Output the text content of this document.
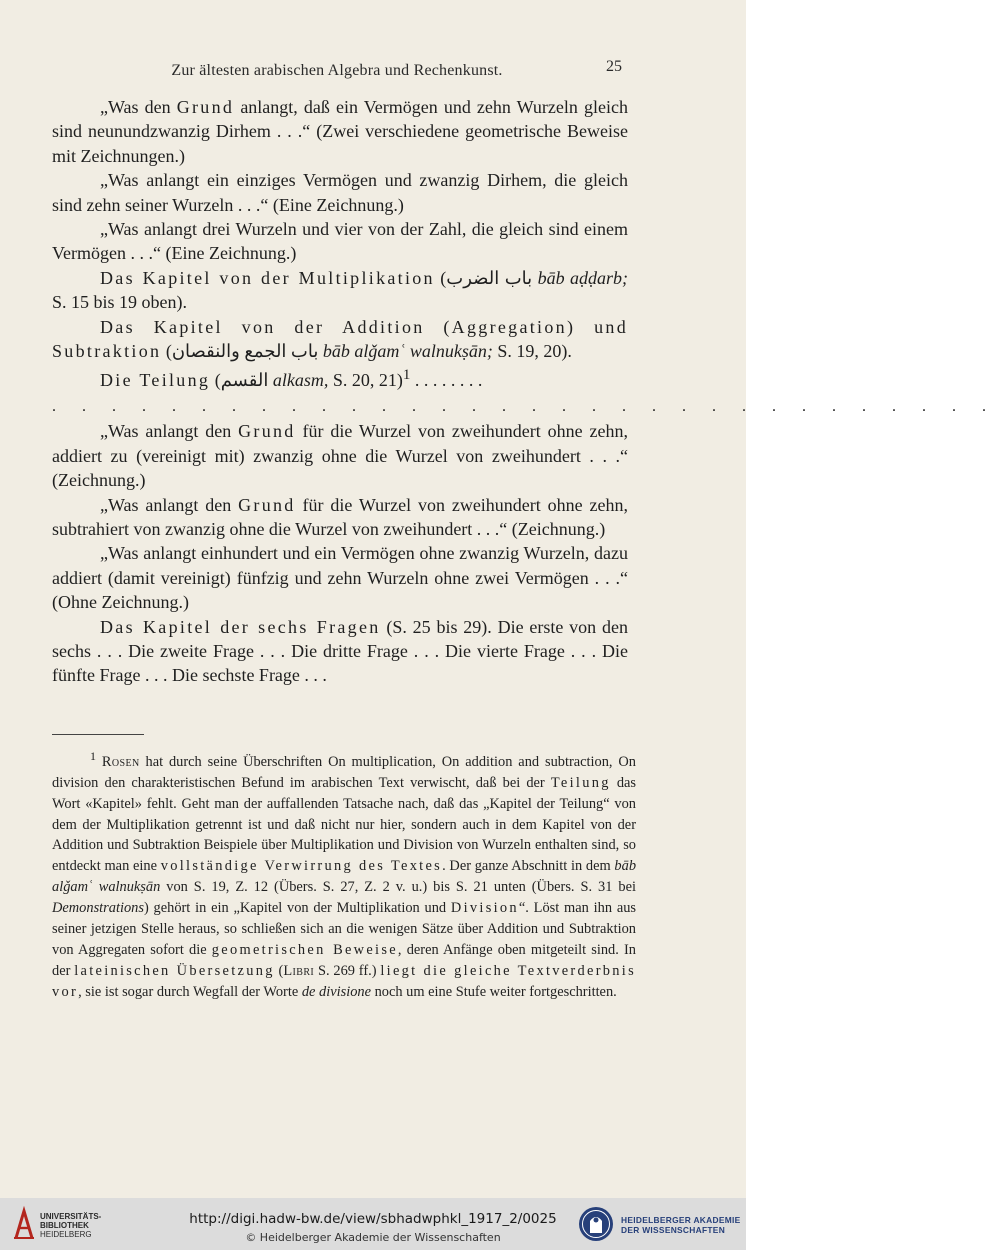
Zur ältesten arabischen Algebra und Rechenkunst.	25

„Was den Grund anlangt, daß ein Vermögen und zehn Wurzeln gleich sind neunundzwanzig Dirhem . . .“ (Zwei verschiedene geometrische Beweise mit Zeichnungen.)

„Was anlangt ein einziges Vermögen und zwanzig Dirhem, die gleich sind zehn seiner Wurzeln . . .“ (Eine Zeichnung.)

„Was anlangt drei Wurzeln und vier von der Zahl, die gleich sind einem Vermögen . . .“ (Eine Zeichnung.)

Das Kapitel von der Multiplikation (باب الضرب bāb aḍḍarb; S. 15 bis 19 oben).

Das Kapitel von der Addition (Aggregation) und Subtraktion (باب الجمع والنقصان bāb alǧamʿ walnukṣān; S. 19, 20).

Die Teilung (القسم alkasm, S. 20, 21)$^1$ . . . . . . . .

. . . . . . . . . . . . . . . . . . . . . . . . . . . . . . . .

„Was anlangt den Grund für die Wurzel von zweihundert ohne zehn, addiert zu (vereinigt mit) zwanzig ohne die Wurzel von zweihundert . . .“ (Zeichnung.)

„Was anlangt den Grund für die Wurzel von zweihundert ohne zehn, subtrahiert von zwanzig ohne die Wurzel von zweihundert . . .“ (Zeichnung.)

„Was anlangt einhundert und ein Vermögen ohne zwanzig Wurzeln, dazu addiert (damit vereinigt) fünfzig und zehn Wurzeln ohne zwei Vermögen . . .“ (Ohne Zeichnung.)

Das Kapitel der sechs Fragen (S. 25 bis 29). Die erste von den sechs . . . Die zweite Frage . . . Die dritte Frage . . . Die vierte Frage . . . Die fünfte Frage . . . Die sechste Frage . . .

$^1$ Rosen hat durch seine Überschriften On multiplication, On addition and subtraction, On division den charakteristischen Befund im arabischen Text verwischt, daß bei der Teilung das Wort «Kapitel» fehlt. Geht man der auffallenden Tatsache nach, daß das „Kapitel der Teilung“ von dem der Multiplikation getrennt ist und daß nicht nur hier, sondern auch in dem Kapitel von der Addition und Subtraktion Beispiele über Multiplikation und Division von Wurzeln enthalten sind, so entdeckt man eine vollständige Verwirrung des Textes. Der ganze Abschnitt in dem bāb alǧamʿ walnukṣān von S. 19, Z. 12 (Übers. S. 27, Z. 2 v. u.) bis S. 21 unten (Übers. S. 31 bei Demonstrations) gehört in ein „Kapitel von der Multiplikation und Division“. Löst man ihn aus seiner jetzigen Stelle heraus, so schließen sich an die wenigen Sätze über Addition und Subtraktion von Aggregaten sofort die geometrischen Beweise, deren Anfänge oben mitgeteilt sind. In der lateinischen Übersetzung (Libri S. 269 ff.) liegt die gleiche Textverderbnis vor, sie ist sogar durch Wegfall der Worte de divisione noch um eine Stufe weiter fortgeschritten.

UNIVERSITÄTS-
BIBLIOTHEK
HEIDELBERG
http://digi.hadw-bw.de/view/sbhadwphkl_1917_2/0025
© Heidelberger Akademie der Wissenschaften
HEIDELBERGER AKADEMIE
DER WISSENSCHAFTEN
